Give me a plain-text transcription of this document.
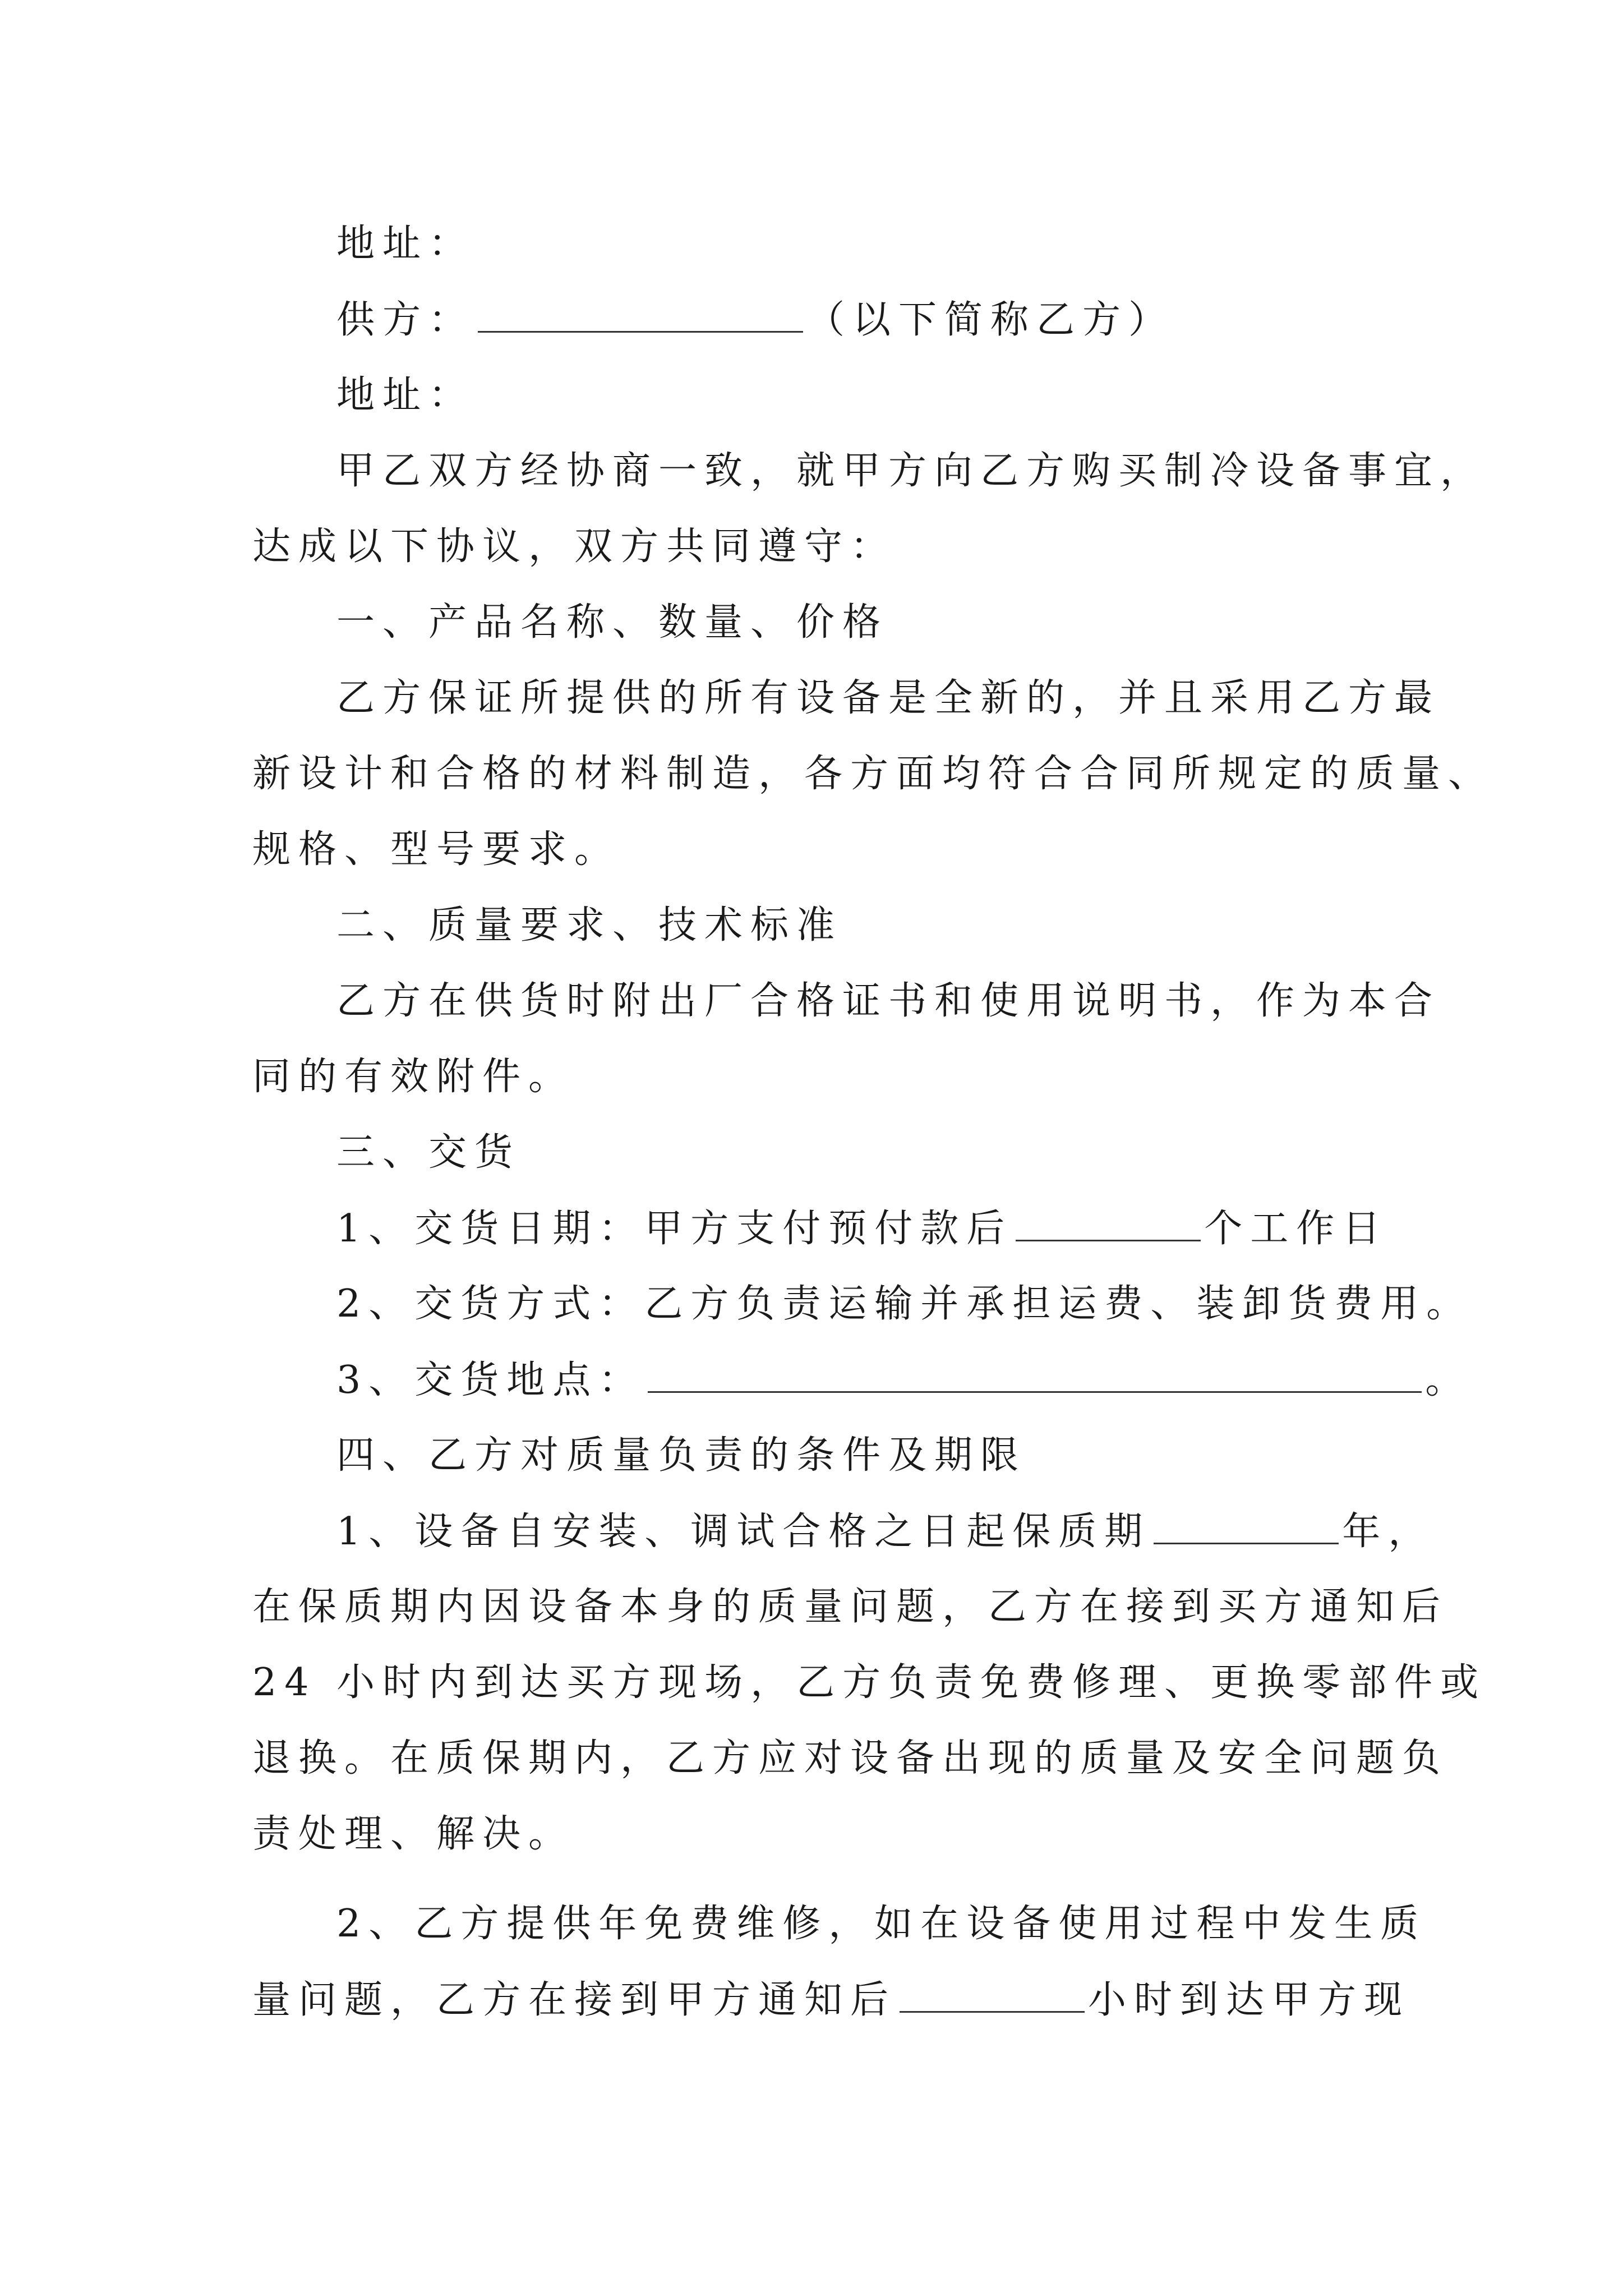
地址：
供方：	（以下简称乙方）
地址：
甲乙双方经协商一致，就甲方向乙方购买制冷设备事宜，
达成以下协议，双方共同遵守：
一、产品名称、数量、价格
乙方保证所提供的所有设备是全新的，并且采用乙方最
新设计和合格的材料制造，各方面均符合合同所规定的质量、
规格、型号要求。
二、质量要求、技术标准
乙方在供货时附出厂合格证书和使用说明书，作为本合
同的有效附件。
三、交货
1、交货日期：甲方支付预付款后	个工作日
2、交货方式：乙方负责运输并承担运费、装卸货费用。
3、交货地点：	。
四、乙方对质量负责的条件及期限
1、设备自安装、调试合格之日起保质期	年，
在保质期内因设备本身的质量问题，乙方在接到买方通知后
24 小时内到达买方现场，乙方负责免费修理、更换零部件或
退换。在质保期内，乙方应对设备出现的质量及安全问题负
责处理、解决。
2、乙方提供年免费维修，如在设备使用过程中发生质
量问题，乙方在接到甲方通知后	小时到达甲方现
